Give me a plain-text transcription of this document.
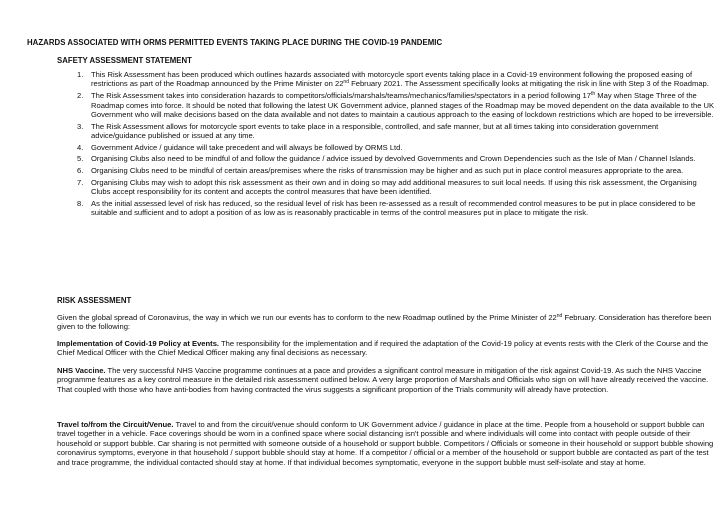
HAZARDS ASSOCIATED WITH ORMS PERMITTED EVENTS TAKING PLACE DURING THE COVID-19 PANDEMIC
SAFETY ASSESSMENT STATEMENT
1. This Risk Assessment has been produced which outlines hazards associated with motorcycle sport events taking place in a Covid-19 environment following the proposed easing of restrictions as part of the Roadmap announced by the Prime Minister on 22nd February 2021. The Assessment specifically looks at mitigating the risk in line with Step 3 of the Roadmap.
2. The Risk Assessment takes into consideration hazards to competitors/officials/marshals/teams/mechanics/families/spectators in a period following 17th May when Stage Three of the Roadmap comes into force. It should be noted that following the latest UK Government advice, planned stages of the Roadmap may be moved dependent on the data available to the UK Government who will make decisions based on the data available and not dates to maintain a cautious approach to the easing of lockdown restrictions which are hoped to be irreversible.
3. The Risk Assessment allows for motorcycle sport events to take place in a responsible, controlled, and safe manner, but at all times taking into consideration government advice/guidance published or issued at any time.
4. Government Advice / guidance will take precedent and will always be followed by ORMS Ltd.
5. Organising Clubs also need to be mindful of and follow the guidance / advice issued by devolved Governments and Crown Dependencies such as the Isle of Man / Channel Islands.
6. Organising Clubs need to be mindful of certain areas/premises where the risks of transmission may be higher and as such put in place control measures appropriate to the area.
7. Organising Clubs may wish to adopt this risk assessment as their own and in doing so may add additional measures to suit local needs. If using this risk assessment, the Organising Clubs accept responsibility for its content and accepts the control measures that have been identified.
8. As the initial assessed level of risk has reduced, so the residual level of risk has been re-assessed as a result of recommended control measures to be put in place considered to be suitable and sufficient and to adopt a position of as low as is reasonably practicable in terms of the control measures put in place to mitigate the risk.
RISK ASSESSMENT

Given the global spread of Coronavirus, the way in which we run our events has to conform to the new Roadmap outlined by the Prime Minister of 22nd February. Consideration has therefore been given to the following:

Implementation of Covid-19 Policy at Events. The responsibility for the implementation and if required the adaptation of the Covid-19 policy at events rests with the Clerk of the Course and the Chief Medical Officer with the Chief Medical Officer making any final decisions as necessary.

NHS Vaccine. The very successful NHS Vaccine programme continues at a pace and provides a significant control measure in mitigation of the risk against Covid-19. As such the NHS Vaccine programme features as a key control measure in the detailed risk assessment outlined below. A very large proportion of Marshals and Officials who sign on will have already received the vaccine. That coupled with those who have anti-bodies from having contracted the virus suggests a significant proportion of the Trials community will already have protection.

Travel to/from the Circuit/Venue. Travel to and from the circuit/venue should conform to UK Government advice / guidance in place at the time. People from a household or support bubble can travel together in a vehicle. Face coverings should be worn in a confined space where social distancing isn't possible and where individuals will come into contact with people outside of their household or support bubble. Car sharing is not permitted with someone outside of a household or support bubble. Competitors / Officials or someone in their household or support bubble showing coronavirus symptoms, everyone in that household / support bubble should stay at home. If a competitor / official or a member of the household or support bubble are contacted as part of the test and trace programme, the individual contacted should stay at home. If that individual becomes symptomatic, everyone in the support bubble must self-isolate and stay at home.
